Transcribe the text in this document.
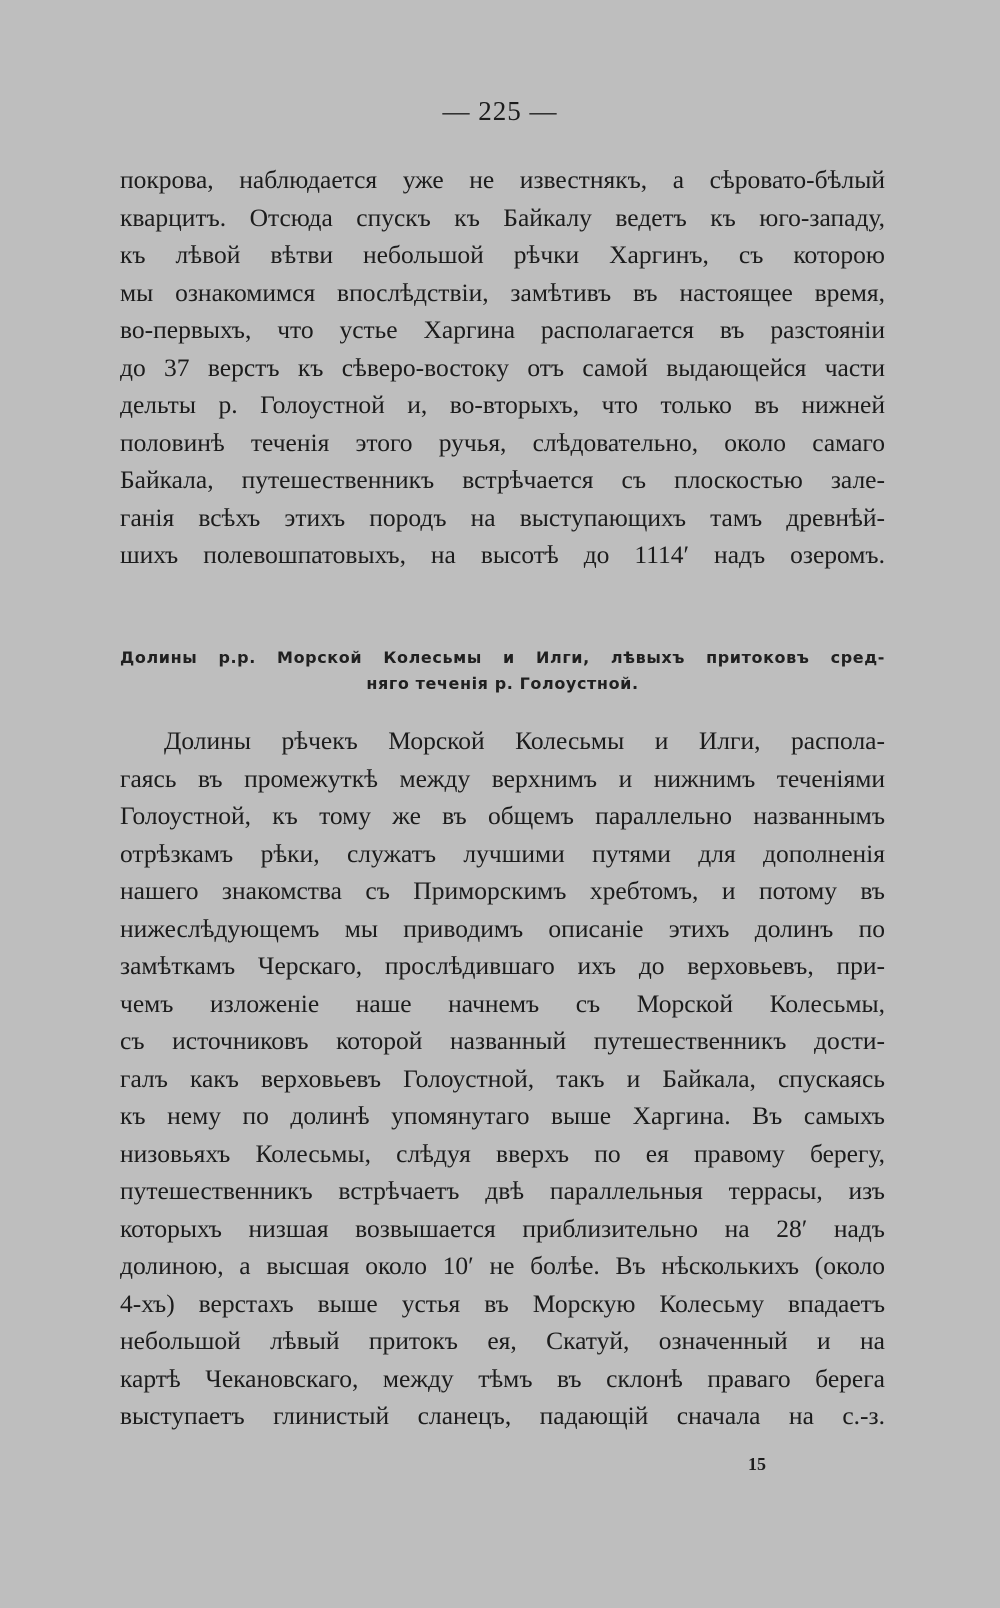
— 225 —
покрова, наблюдается уже не известнякъ, а сѣровато-бѣлый
кварцитъ. Отсюда спускъ къ Байкалу ведетъ къ юго-западу,
къ лѣвой вѣтви небольшой рѣчки Харгинъ, съ которою
мы ознакомимся впослѣдствіи, замѣтивъ въ настоящее время,
во-первыхъ, что устье Харгина располагается въ разстояніи
до 37 верстъ къ сѣверо-востоку отъ самой выдающейся части
дельты р. Голоустной и, во-вторыхъ, что только въ нижней
половинѣ теченія этого ручья, слѣдовательно, около самаго
Байкала, путешественникъ встрѣчается съ плоскостью зале-
ганія всѣхъ этихъ породъ на выступающихъ тамъ древнѣй-
шихъ полевошпатовыхъ, на высотѣ до 1114′ надъ озеромъ.
Долины р.р. Морской Колесьмы и Илги, лѣвыхъ притоковъ сред-
няго теченія р. Голоустной.
Долины рѣчекъ Морской Колесьмы и Илги, распола-
гаясь въ промежуткѣ между верхнимъ и нижнимъ теченіями
Голоустной, къ тому же въ общемъ параллельно названнымъ
отрѣзкамъ рѣки, служатъ лучшими путями для дополненія
нашего знакомства съ Приморскимъ хребтомъ, и потому въ
нижеслѣдующемъ мы приводимъ описаніе этихъ долинъ по
замѣткамъ Черскаго, прослѣдившаго ихъ до верховьевъ, при-
чемъ изложеніе наше начнемъ съ Морской Колесьмы,
съ источниковъ которой названный путешественникъ дости-
галъ какъ верховьевъ Голоустной, такъ и Байкала, спускаясь
къ нему по долинѣ упомянутаго выше Харгина. Въ самыхъ
низовьяхъ Колесьмы, слѣдуя вверхъ по ея правому берегу,
путешественникъ встрѣчаетъ двѣ параллельныя террасы, изъ
которыхъ низшая возвышается приблизительно на 28′ надъ
долиною, а высшая около 10′ не болѣе. Въ нѣсколькихъ (около
4-хъ) верстахъ выше устья въ Морскую Колесьму впадаетъ
небольшой лѣвый притокъ ея, Скатуй, означенный и на
картѣ Чекановскаго, между тѣмъ въ склонѣ праваго берега
выступаетъ глинистый сланецъ, падающій сначала на с.-з.
15
